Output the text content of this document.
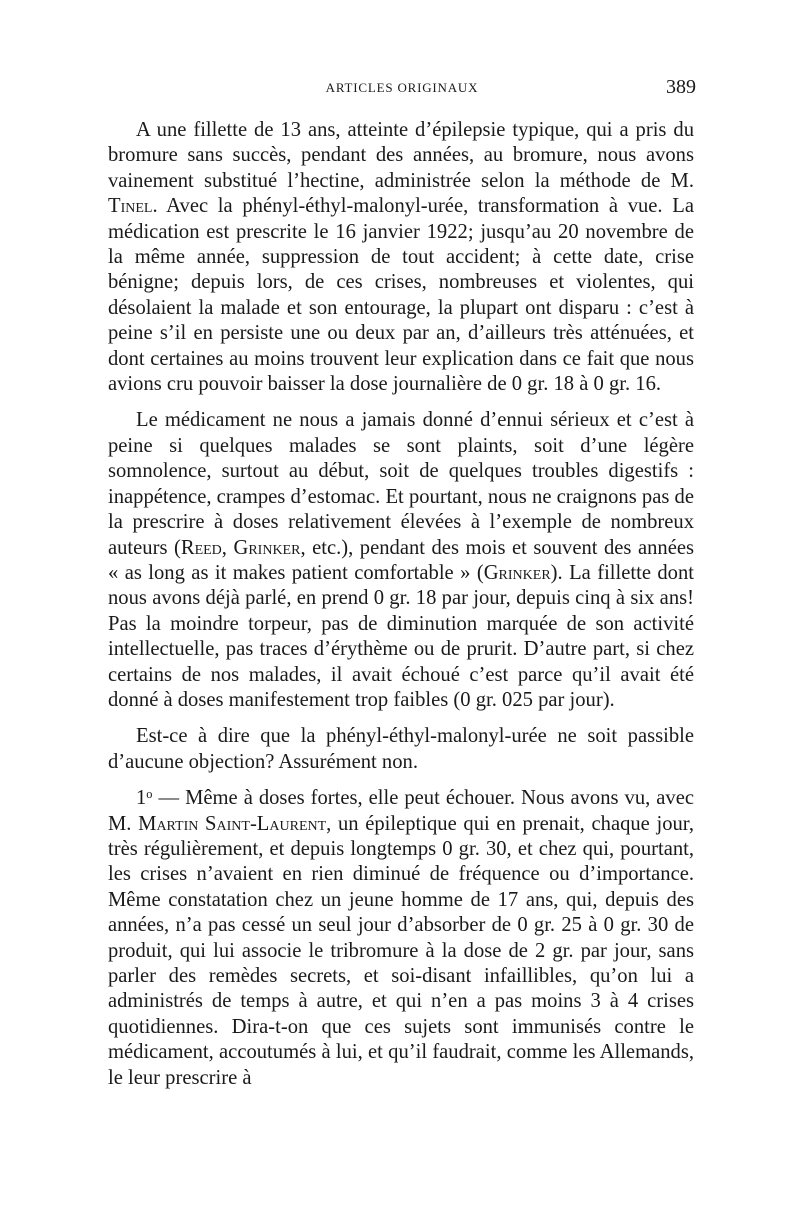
ARTICLES ORIGINAUX	389

A une fillette de 13 ans, atteinte d’épilepsie typique, qui a pris du bromure sans succès, pendant des années, au bromure, nous avons vainement substitué l’hectine, administrée selon la méthode de M. Tinel. Avec la phényl-éthyl-malonyl-urée, transformation à vue. La médication est prescrite le 16 janvier 1922; jusqu’au 20 novembre de la même année, suppression de tout accident; à cette date, crise bénigne; depuis lors, de ces crises, nombreuses et violentes, qui désolaient la malade et son entourage, la plupart ont disparu : c’est à peine s’il en persiste une ou deux par an, d’ailleurs très atténuées, et dont certaines au moins trouvent leur explication dans ce fait que nous avions cru pouvoir baisser la dose journalière de 0 gr. 18 à 0 gr. 16.

Le médicament ne nous a jamais donné d’ennui sérieux et c’est à peine si quelques malades se sont plaints, soit d’une légère somnolence, surtout au début, soit de quelques troubles digestifs : inappétence, crampes d’estomac. Et pourtant, nous ne craignons pas de la prescrire à doses relativement élevées à l’exemple de nombreux auteurs (Reed, Grinker, etc.), pendant des mois et souvent des années « as long as it makes patient comfortable » (Grinker). La fillette dont nous avons déjà parlé, en prend 0 gr. 18 par jour, depuis cinq à six ans! Pas la moindre torpeur, pas de diminution marquée de son activité intellectuelle, pas traces d’érythème ou de prurit. D’autre part, si chez certains de nos malades, il avait échoué c’est parce qu’il avait été donné à doses manifestement trop faibles (0 gr. 025 par jour).

Est-ce à dire que la phényl-éthyl-malonyl-urée ne soit passible d’aucune objection? Assurément non.

1$^o$ — Même à doses fortes, elle peut échouer. Nous avons vu, avec M. Martin Saint-Laurent, un épileptique qui en prenait, chaque jour, très régulièrement, et depuis longtemps 0 gr. 30, et chez qui, pourtant, les crises n’avaient en rien diminué de fréquence ou d’importance. Même constatation chez un jeune homme de 17 ans, qui, depuis des années, n’a pas cessé un seul jour d’absorber de 0 gr. 25 à 0 gr. 30 de produit, qui lui associe le tribromure à la dose de 2 gr. par jour, sans parler des remèdes secrets, et soi-disant infaillibles, qu’on lui a administrés de temps à autre, et qui n’en a pas moins 3 à 4 crises quotidiennes. Dira-t-on que ces sujets sont immunisés contre le médicament, accoutumés à lui, et qu’il faudrait, comme les Allemands, le leur prescrire à
